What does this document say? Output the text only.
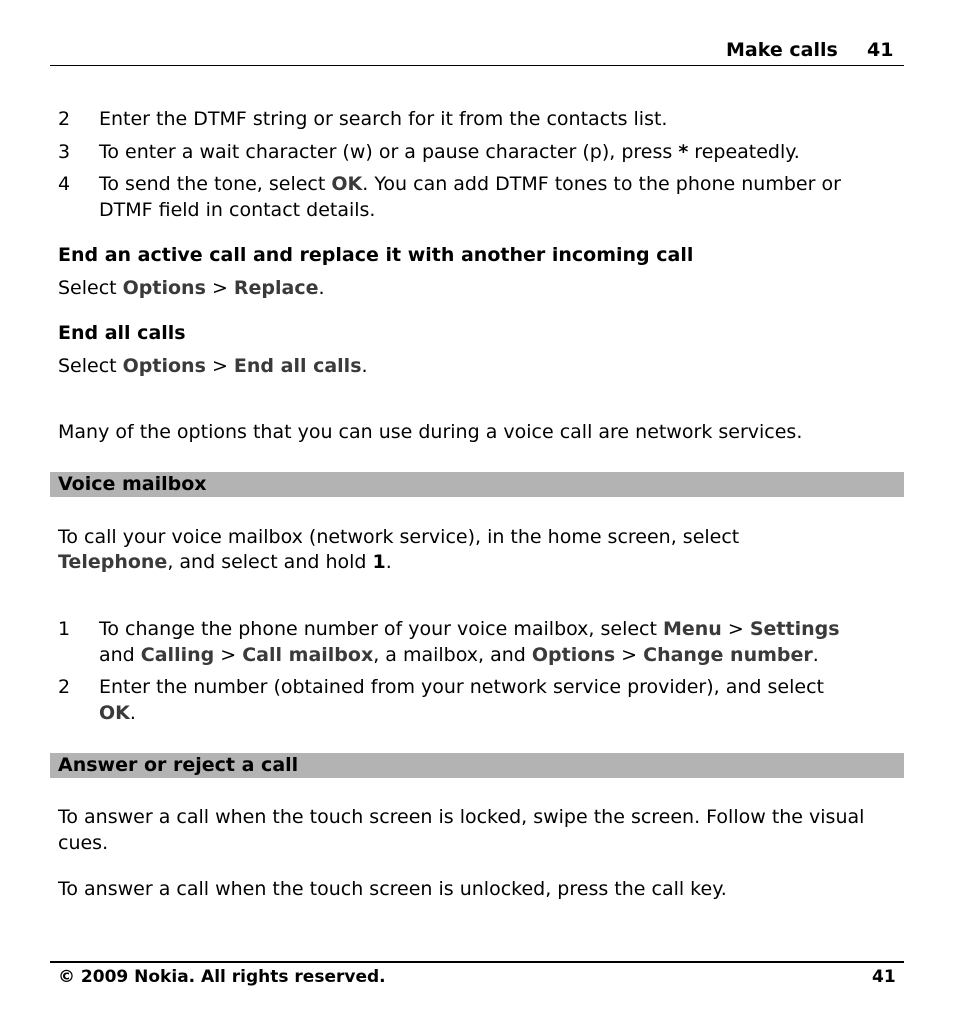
Make calls 41
2 Enter the DTMF string or search for it from the contacts list.
3 To enter a wait character (w) or a pause character (p), press * repeatedly.
4 To send the tone, select OK. You can add DTMF tones to the phone number or
DTMF field in contact details.
End an active call and replace it with another incoming call
Select Options > Replace.
End all calls
Select Options > End all calls.
Many of the options that you can use during a voice call are network services.
Voice mailbox
To call your voice mailbox (network service), in the home screen, select
Telephone, and select and hold 1.
1 To change the phone number of your voice mailbox, select Menu > Settings
and Calling > Call mailbox, a mailbox, and Options > Change number.
2 Enter the number (obtained from your network service provider), and select
OK.
Answer or reject a call
To answer a call when the touch screen is locked, swipe the screen. Follow the visual
cues.
To answer a call when the touch screen is unlocked, press the call key.
© 2009 Nokia. All rights reserved.	41
